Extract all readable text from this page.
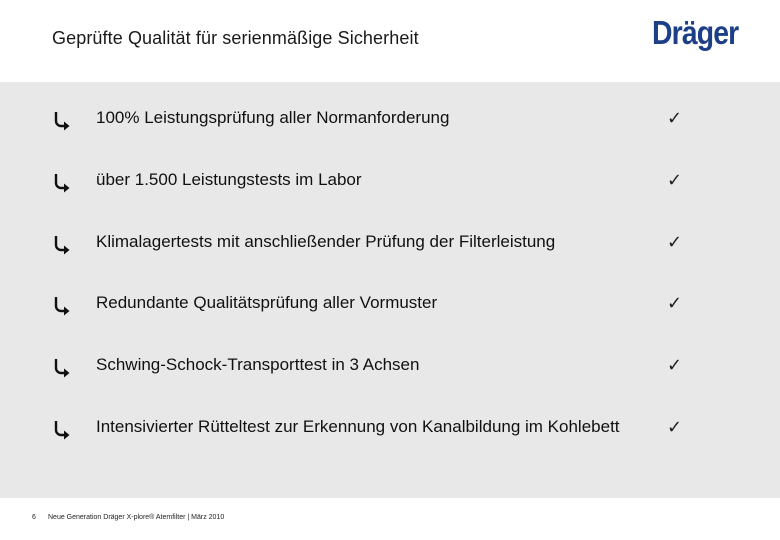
Geprüfte Qualität für serienmäßige Sicherheit	Dräger
100% Leistungsprüfung aller Normanforderung	✓
über 1.500 Leistungstests im Labor	✓
Klimalagertests mit anschließender Prüfung der Filterleistung	✓
Redundante Qualitätsprüfung aller Vormuster	✓
Schwing-Schock-Transporttest in 3 Achsen	✓
Intensivierter Rütteltest zur Erkennung von Kanalbildung im Kohlebett	✓
6 Neue Generation Dräger X-plore® Atemfilter | März 2010
